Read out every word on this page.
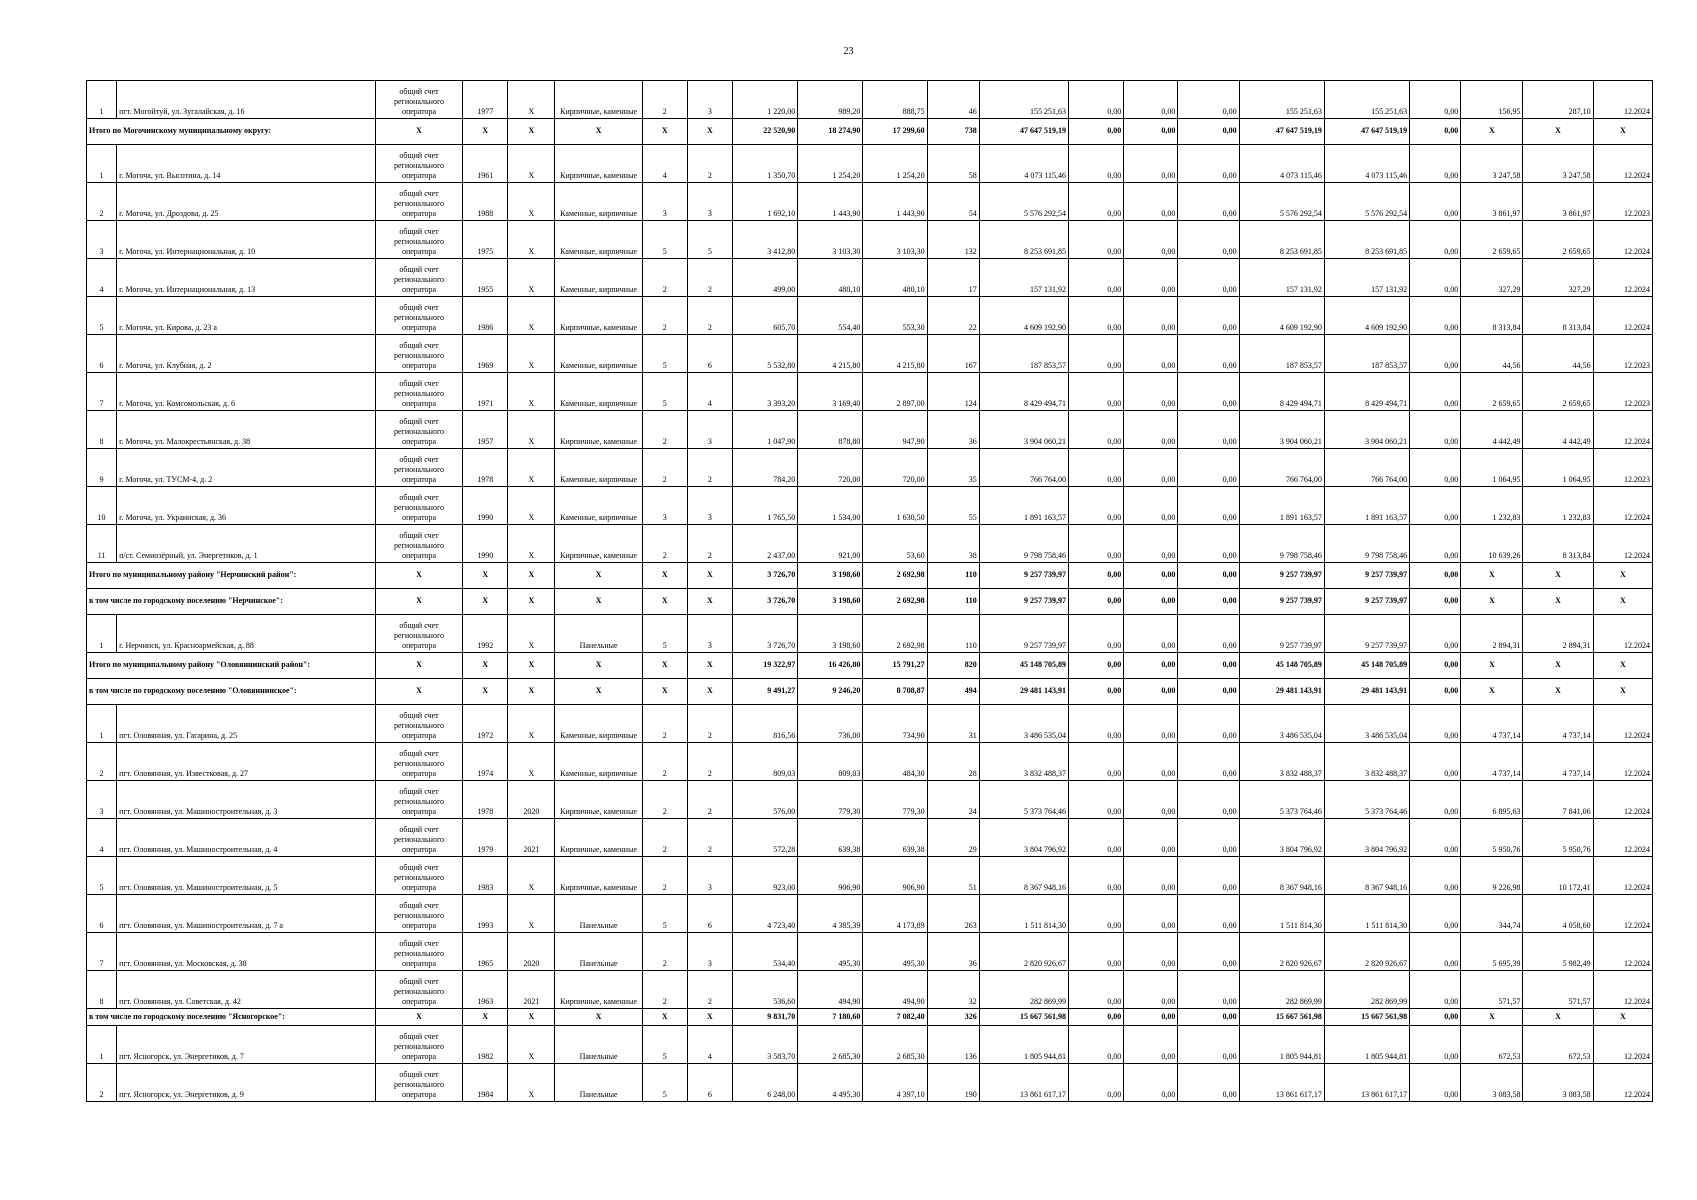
23
1	пгт. Могойтуй, ул. Зугалайская, д. 16	общий счет регионального оператора	1977	X	Кирпичные, каменные	2	3	1 220,00	989,20	888,75	46	155 251,63	0,00	0,00	0,00	155 251,63	155 251,63	0,00	156,95	287,10	12.2024
Итого по Могочинскому муниципальному округу:		X	X	X	X	X	X	22 520,90	18 274,90	17 299,60	738	47 647 519,19	0,00	0,00	0,00	47 647 519,19	47 647 519,19	0,00	X	X	X
1	г. Могоча, ул. Высотина, д. 14	общий счет регионального оператора	1961	X	Кирпичные, каменные	4	2	1 350,70	1 254,20	1 254,20	58	4 073 115,46	0,00	0,00	0,00	4 073 115,46	4 073 115,46	0,00	3 247,58	3 247,58	12.2024
2	г. Могоча, ул. Дроздова, д. 25	общий счет регионального оператора	1988	X	Каменные, кирпичные	3	3	1 692,10	1 443,90	1 443,90	54	5 576 292,54	0,00	0,00	0,00	5 576 292,54	5 576 292,54	0,00	3 861,97	3 861,97	12.2023
3	г. Могоча, ул. Интернациональная, д. 10	общий счет регионального оператора	1975	X	Каменные, кирпичные	5	5	3 412,80	3 103,30	3 103,30	132	8 253 691,85	0,00	0,00	0,00	8 253 691,85	8 253 691,85	0,00	2 659,65	2 659,65	12.2024
4	г. Могоча, ул. Интернациональная, д. 13	общий счет регионального оператора	1955	X	Каменные, кирпичные	2	2	499,00	480,10	480,10	17	157 131,92	0,00	0,00	0,00	157 131,92	157 131,92	0,00	327,29	327,29	12.2024
5	г. Могоча, ул. Кирова, д. 23 а	общий счет регионального оператора	1986	X	Кирпичные, каменные	2	2	605,70	554,40	553,30	22	4 609 192,90	0,00	0,00	0,00	4 609 192,90	4 609 192,90	0,00	8 313,84	8 313,84	12.2024
6	г. Могоча, ул. Клубная, д. 2	общий счет регионального оператора	1969	X	Каменные, кирпичные	5	6	5 532,80	4 215,80	4 215,80	167	187 853,57	0,00	0,00	0,00	187 853,57	187 853,57	0,00	44,56	44,56	12.2023
7	г. Могоча, ул. Комсомольская, д. 6	общий счет регионального оператора	1971	X	Каменные, кирпичные	5	4	3 393,20	3 169,40	2 897,00	124	8 429 494,71	0,00	0,00	0,00	8 429 494,71	8 429 494,71	0,00	2 659,65	2 659,65	12.2023
8	г. Могоча, ул. Малокрестьянская, д. 38	общий счет регионального оператора	1957	X	Кирпичные, каменные	2	3	1 047,90	878,80	947,90	36	3 904 060,21	0,00	0,00	0,00	3 904 060,21	3 904 060,21	0,00	4 442,49	4 442,49	12.2024
9	г. Могоча, ул. ТУСМ-4, д. 2	общий счет регионального оператора	1978	X	Каменные, кирпичные	2	2	784,20	720,00	720,00	35	766 764,00	0,00	0,00	0,00	766 764,00	766 764,00	0,00	1 064,95	1 064,95	12.2023
10	г. Могоча, ул. Украинская, д. 36	общий счет регионального оператора	1990	X	Каменные, кирпичные	3	3	1 765,50	1 534,00	1 630,50	55	1 891 163,57	0,00	0,00	0,00	1 891 163,57	1 891 163,57	0,00	1 232,83	1 232,83	12.2024
11	п/ст. Семиозёрный, ул. Энергетиков, д. 1	общий счет регионального оператора	1990	X	Кирпичные, каменные	2	2	2 437,00	921,00	53,60	38	9 798 758,46	0,00	0,00	0,00	9 798 758,46	9 798 758,46	0,00	10 639,26	8 313,84	12.2024
Итого по муниципальному району "Нерчинский район":		X	X	X	X	X	X	3 726,70	3 198,60	2 692,98	110	9 257 739,97	0,00	0,00	0,00	9 257 739,97	9 257 739,97	0,00	X	X	X
в том числе по городскому поселению "Нерчинское":		X	X	X	X	X	X	3 726,70	3 198,60	2 692,98	110	9 257 739,97	0,00	0,00	0,00	9 257 739,97	9 257 739,97	0,00	X	X	X
1	г. Нерчинск, ул. Красноармейская, д. 88	общий счет регионального оператора	1992	X	Панельные	5	3	3 726,70	3 198,60	2 692,98	110	9 257 739,97	0,00	0,00	0,00	9 257 739,97	9 257 739,97	0,00	2 894,31	2 894,31	12.2024
Итого по муниципальному району "Оловяннинский район":		X	X	X	X	X	X	19 322,97	16 426,80	15 791,27	820	45 148 705,89	0,00	0,00	0,00	45 148 705,89	45 148 705,89	0,00	X	X	X
в том числе по городскому поселению "Оловяннинское":		X	X	X	X	X	X	9 491,27	9 246,20	8 708,87	494	29 481 143,91	0,00	0,00	0,00	29 481 143,91	29 481 143,91	0,00	X	X	X
1	пгт. Оловянная, ул. Гагарина, д. 25	общий счет регионального оператора	1972	X	Каменные, кирпичные	2	2	816,56	736,00	734,90	31	3 486 535,04	0,00	0,00	0,00	3 486 535,04	3 486 535,04	0,00	4 737,14	4 737,14	12.2024
2	пгт. Оловянная, ул. Известковая, д. 27	общий счет регионального оператора	1974	X	Каменные, кирпичные	2	2	809,03	809,03	484,30	28	3 832 488,37	0,00	0,00	0,00	3 832 488,37	3 832 488,37	0,00	4 737,14	4 737,14	12.2024
3	пгт. Оловянная, ул. Машиностроительная, д. 3	общий счет регионального оператора	1978	2020	Кирпичные, каменные	2	2	576,00	779,30	779,30	24	5 373 764,46	0,00	0,00	0,00	5 373 764,46	5 373 764,46	0,00	6 895,63	7 841,06	12.2024
4	пгт. Оловянная, ул. Машиностроительная, д. 4	общий счет регионального оператора	1979	2021	Кирпичные, каменные	2	2	572,28	639,38	639,38	29	3 804 796,92	0,00	0,00	0,00	3 804 796,92	3 804 796,92	0,00	5 950,76	5 950,76	12.2024
5	пгт. Оловянная, ул. Машиностроительная, д. 5	общий счет регионального оператора	1983	X	Кирпичные, каменные	2	3	923,00	906,90	906,90	51	8 367 948,16	0,00	0,00	0,00	8 367 948,16	8 367 948,16	0,00	9 226,98	10 172,41	12.2024
6	пгт. Оловянная, ул. Машиностроительная, д. 7 а	общий счет регионального оператора	1993	X	Панельные	5	6	4 723,40	4 385,39	4 173,89	263	1 511 814,30	0,00	0,00	0,00	1 511 814,30	1 511 814,30	0,00	344,74	4 058,60	12.2024
7	пгт. Оловянная, ул. Московская, д. 38	общий счет регионального оператора	1965	2020	Панельные	2	3	534,40	495,30	495,30	36	2 820 926,67	0,00	0,00	0,00	2 820 926,67	2 820 926,67	0,00	5 695,39	5 982,49	12.2024
8	пгт. Оловянная, ул. Советская, д. 42	общий счет регионального оператора	1963	2021	Кирпичные, каменные	2	2	536,60	494,90	494,90	32	282 869,99	0,00	0,00	0,00	282 869,99	282 869,99	0,00	571,57	571,57	12.2024
в том числе по городскому поселению "Ясногорское":		X	X	X	X	X	X	9 831,70	7 180,60	7 082,40	326	15 667 561,98	0,00	0,00	0,00	15 667 561,98	15 667 561,98	0,00	X	X	X
1	пгт. Ясногорск, ул. Энергетиков, д. 7	общий счет регионального оператора	1982	X	Панельные	5	4	3 583,70	2 685,30	2 685,30	136	1 805 944,81	0,00	0,00	0,00	1 805 944,81	1 805 944,81	0,00	672,53	672,53	12.2024
2	пгт. Ясногорск, ул. Энергетиков, д. 9	общий счет регионального оператора	1984	X	Панельные	5	6	6 248,00	4 495,30	4 397,10	190	13 861 617,17	0,00	0,00	0,00	13 861 617,17	13 861 617,17	0,00	3 083,58	3 083,58	12.2024
